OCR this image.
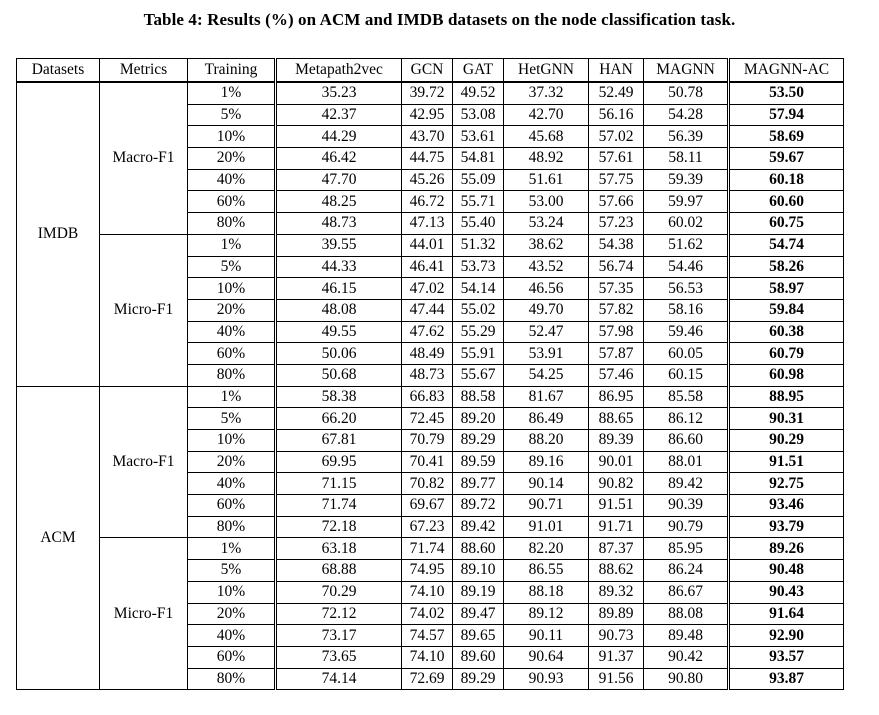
Table 4: Results (%) on ACM and IMDB datasets on the node classification task.
Datasets	Metrics	Training	Metapath2vec	GCN	GAT	HetGNN	HAN	MAGNN	MAGNN-AC
IMDB	Macro-F1	1%	35.23	39.72	49.52	37.32	52.49	50.78	53.50
		5%	42.37	42.95	53.08	42.70	56.16	54.28	57.94
		10%	44.29	43.70	53.61	45.68	57.02	56.39	58.69
		20%	46.42	44.75	54.81	48.92	57.61	58.11	59.67
		40%	47.70	45.26	55.09	51.61	57.75	59.39	60.18
		60%	48.25	46.72	55.71	53.00	57.66	59.97	60.60
		80%	48.73	47.13	55.40	53.24	57.23	60.02	60.75
	Micro-F1	1%	39.55	44.01	51.32	38.62	54.38	51.62	54.74
		5%	44.33	46.41	53.73	43.52	56.74	54.46	58.26
		10%	46.15	47.02	54.14	46.56	57.35	56.53	58.97
		20%	48.08	47.44	55.02	49.70	57.82	58.16	59.84
		40%	49.55	47.62	55.29	52.47	57.98	59.46	60.38
		60%	50.06	48.49	55.91	53.91	57.87	60.05	60.79
		80%	50.68	48.73	55.67	54.25	57.46	60.15	60.98
ACM	Macro-F1	1%	58.38	66.83	88.58	81.67	86.95	85.58	88.95
		5%	66.20	72.45	89.20	86.49	88.65	86.12	90.31
		10%	67.81	70.79	89.29	88.20	89.39	86.60	90.29
		20%	69.95	70.41	89.59	89.16	90.01	88.01	91.51
		40%	71.15	70.82	89.77	90.14	90.82	89.42	92.75
		60%	71.74	69.67	89.72	90.71	91.51	90.39	93.46
		80%	72.18	67.23	89.42	91.01	91.71	90.79	93.79
	Micro-F1	1%	63.18	71.74	88.60	82.20	87.37	85.95	89.26
		5%	68.88	74.95	89.10	86.55	88.62	86.24	90.48
		10%	70.29	74.10	89.19	88.18	89.32	86.67	90.43
		20%	72.12	74.02	89.47	89.12	89.89	88.08	91.64
		40%	73.17	74.57	89.65	90.11	90.73	89.48	92.90
		60%	73.65	74.10	89.60	90.64	91.37	90.42	93.57
		80%	74.14	72.69	89.29	90.93	91.56	90.80	93.87
